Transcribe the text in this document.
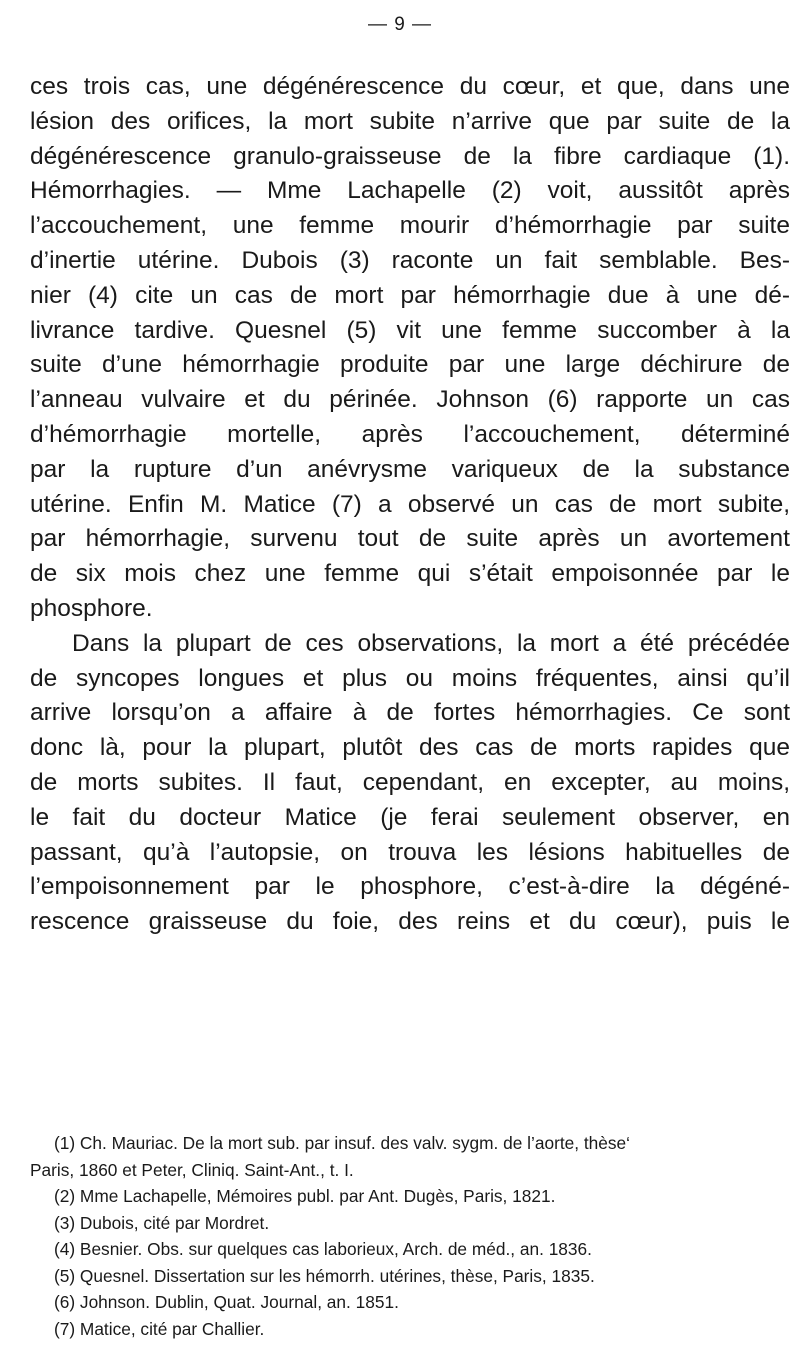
— 9 —
ces trois cas, une dégénérescence du cœur, et que, dans une
lésion des orifices, la mort subite n’arrive que par suite de la
dégénérescence granulo-graisseuse de la fibre cardiaque (1).
Hémorrhagies. — Mme Lachapelle (2) voit, aussitôt après
l’accouchement, une femme mourir d’hémorrhagie par suite
d’inertie utérine. Dubois (3) raconte un fait semblable. Bes-
nier (4) cite un cas de mort par hémorrhagie due à une dé-
livrance tardive. Quesnel (5) vit une femme succomber à la
suite d’une hémorrhagie produite par une large déchirure de
l’anneau vulvaire et du périnée. Johnson (6) rapporte un cas
d’hémorrhagie mortelle, après l’accouchement, déterminé
par la rupture d’un anévrysme variqueux de la substance
utérine. Enfin M. Matice (7) a observé un cas de mort subite,
par hémorrhagie, survenu tout de suite après un avortement
de six mois chez une femme qui s’était empoisonnée par le
phosphore.
Dans la plupart de ces observations, la mort a été précédée
de syncopes longues et plus ou moins fréquentes, ainsi qu’il
arrive lorsqu’on a affaire à de fortes hémorrhagies. Ce sont
donc là, pour la plupart, plutôt des cas de morts rapides que
de morts subites. Il faut, cependant, en excepter, au moins,
le fait du docteur Matice (je ferai seulement observer, en
passant, qu’à l’autopsie, on trouva les lésions habituelles de
l’empoisonnement par le phosphore, c’est-à-dire la dégéné-
rescence graisseuse du foie, des reins et du cœur), puis le
(1) Ch. Mauriac. De la mort sub. par insuf. des valv. sygm. de l’aorte, thèse‘
Paris, 1860 et Peter, Cliniq. Saint-Ant., t. I.
(2) Mme Lachapelle, Mémoires publ. par Ant. Dugès, Paris, 1821.
(3) Dubois, cité par Mordret.
(4) Besnier. Obs. sur quelques cas laborieux, Arch. de méd., an. 1836.
(5) Quesnel. Dissertation sur les hémorrh. utérines, thèse, Paris, 1835.
(6) Johnson. Dublin, Quat. Journal, an. 1851.
(7) Matice, cité par Challier.
